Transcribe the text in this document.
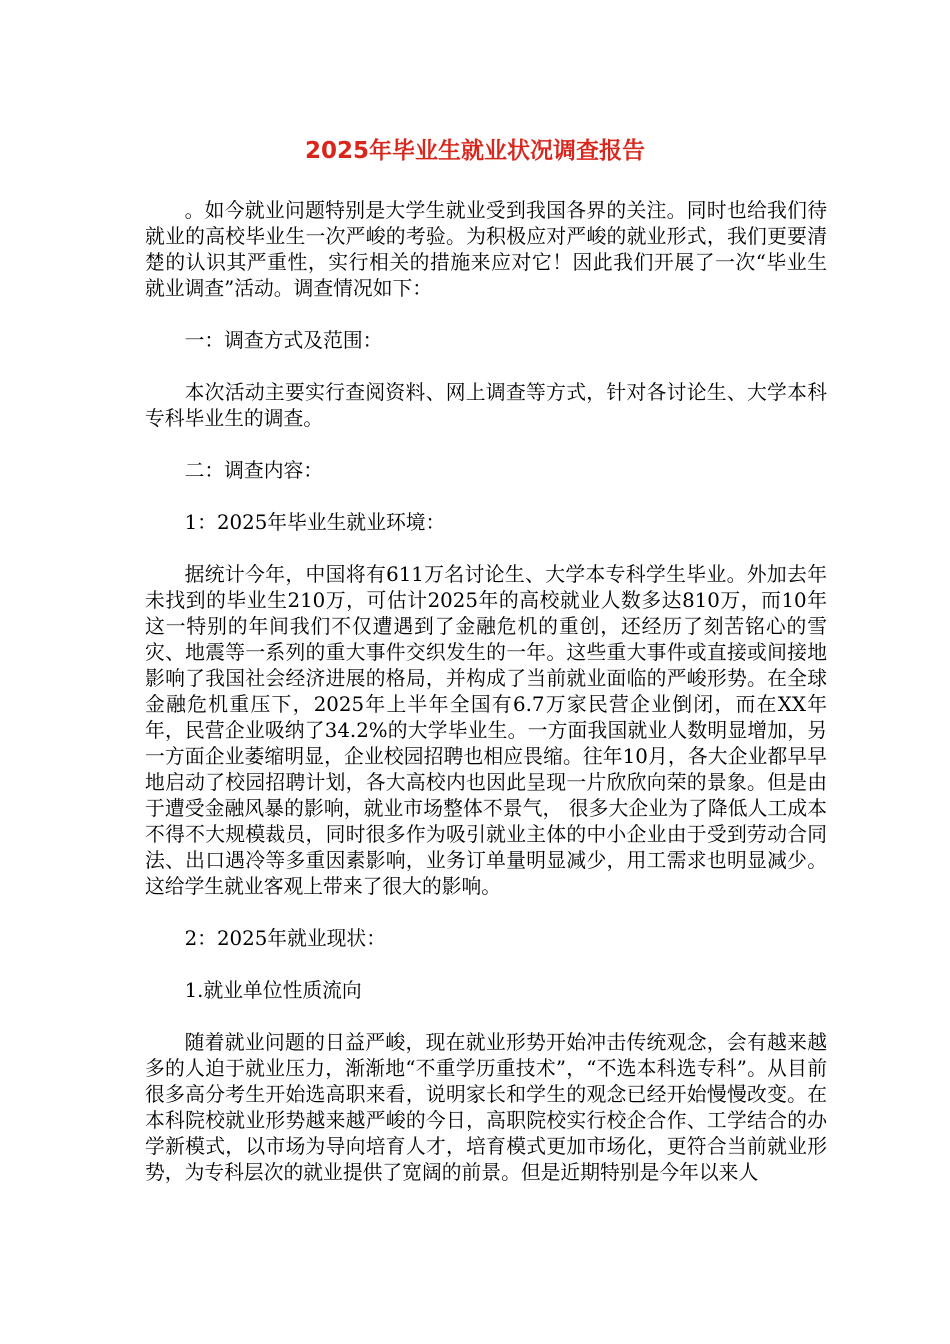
2025年毕业生就业状况调查报告

。如今就业问题特别是大学生就业受到我国各界的关注。同时也给我们待就业的高校毕业生一次严峻的考验。为积极应对严峻的就业形式，我们更要清楚的认识其严重性，实行相关的措施来应对它！因此我们开展了一次“毕业生就业调查”活动。调查情况如下：

一：调查方式及范围：

本次活动主要实行查阅资料、网上调查等方式，针对各讨论生、大学本科专科毕业生的调查。

二：调查内容：

1：2025年毕业生就业环境：

据统计今年，中国将有611万名讨论生、大学本专科学生毕业。外加去年未找到的毕业生210万，可估计2025年的高校就业人数多达810万，而10年这一特别的年间我们不仅遭遇到了金融危机的重创，还经历了刻苦铭心的雪灾、地震等一系列的重大事件交织发生的一年。这些重大事件或直接或间接地影响了我国社会经济进展的格局，并构成了当前就业面临的严峻形势。在全球金融危机重压下，2025年上半年全国有6.7万家民营企业倒闭，而在XX年年，民营企业吸纳了34.2%的大学毕业生。一方面我国就业人数明显增加，另一方面企业萎缩明显，企业校园招聘也相应畏缩。往年10月，各大企业都早早地启动了校园招聘计划，各大高校内也因此呈现一片欣欣向荣的景象。但是由于遭受金融风暴的影响，就业市场整体不景气， 很多大企业为了降低人工成本不得不大规模裁员，同时很多作为吸引就业主体的中小企业由于受到劳动合同法、出口遇冷等多重因素影响，业务订单量明显减少，用工需求也明显减少。这给学生就业客观上带来了很大的影响。

2：2025年就业现状：

1.就业单位性质流向

随着就业问题的日益严峻，现在就业形势开始冲击传统观念，会有越来越多的人迫于就业压力，渐渐地“不重学历重技术”，“不选本科选专科”。从目前很多高分考生开始选高职来看，说明家长和学生的观念已经开始慢慢改变。在本科院校就业形势越来越严峻的今日，高职院校实行校企合作、工学结合的办学新模式，以市场为导向培育人才，培育模式更加市场化，更符合当前就业形势，为专科层次的就业提供了宽阔的前景。但是近期特别是今年以来人
